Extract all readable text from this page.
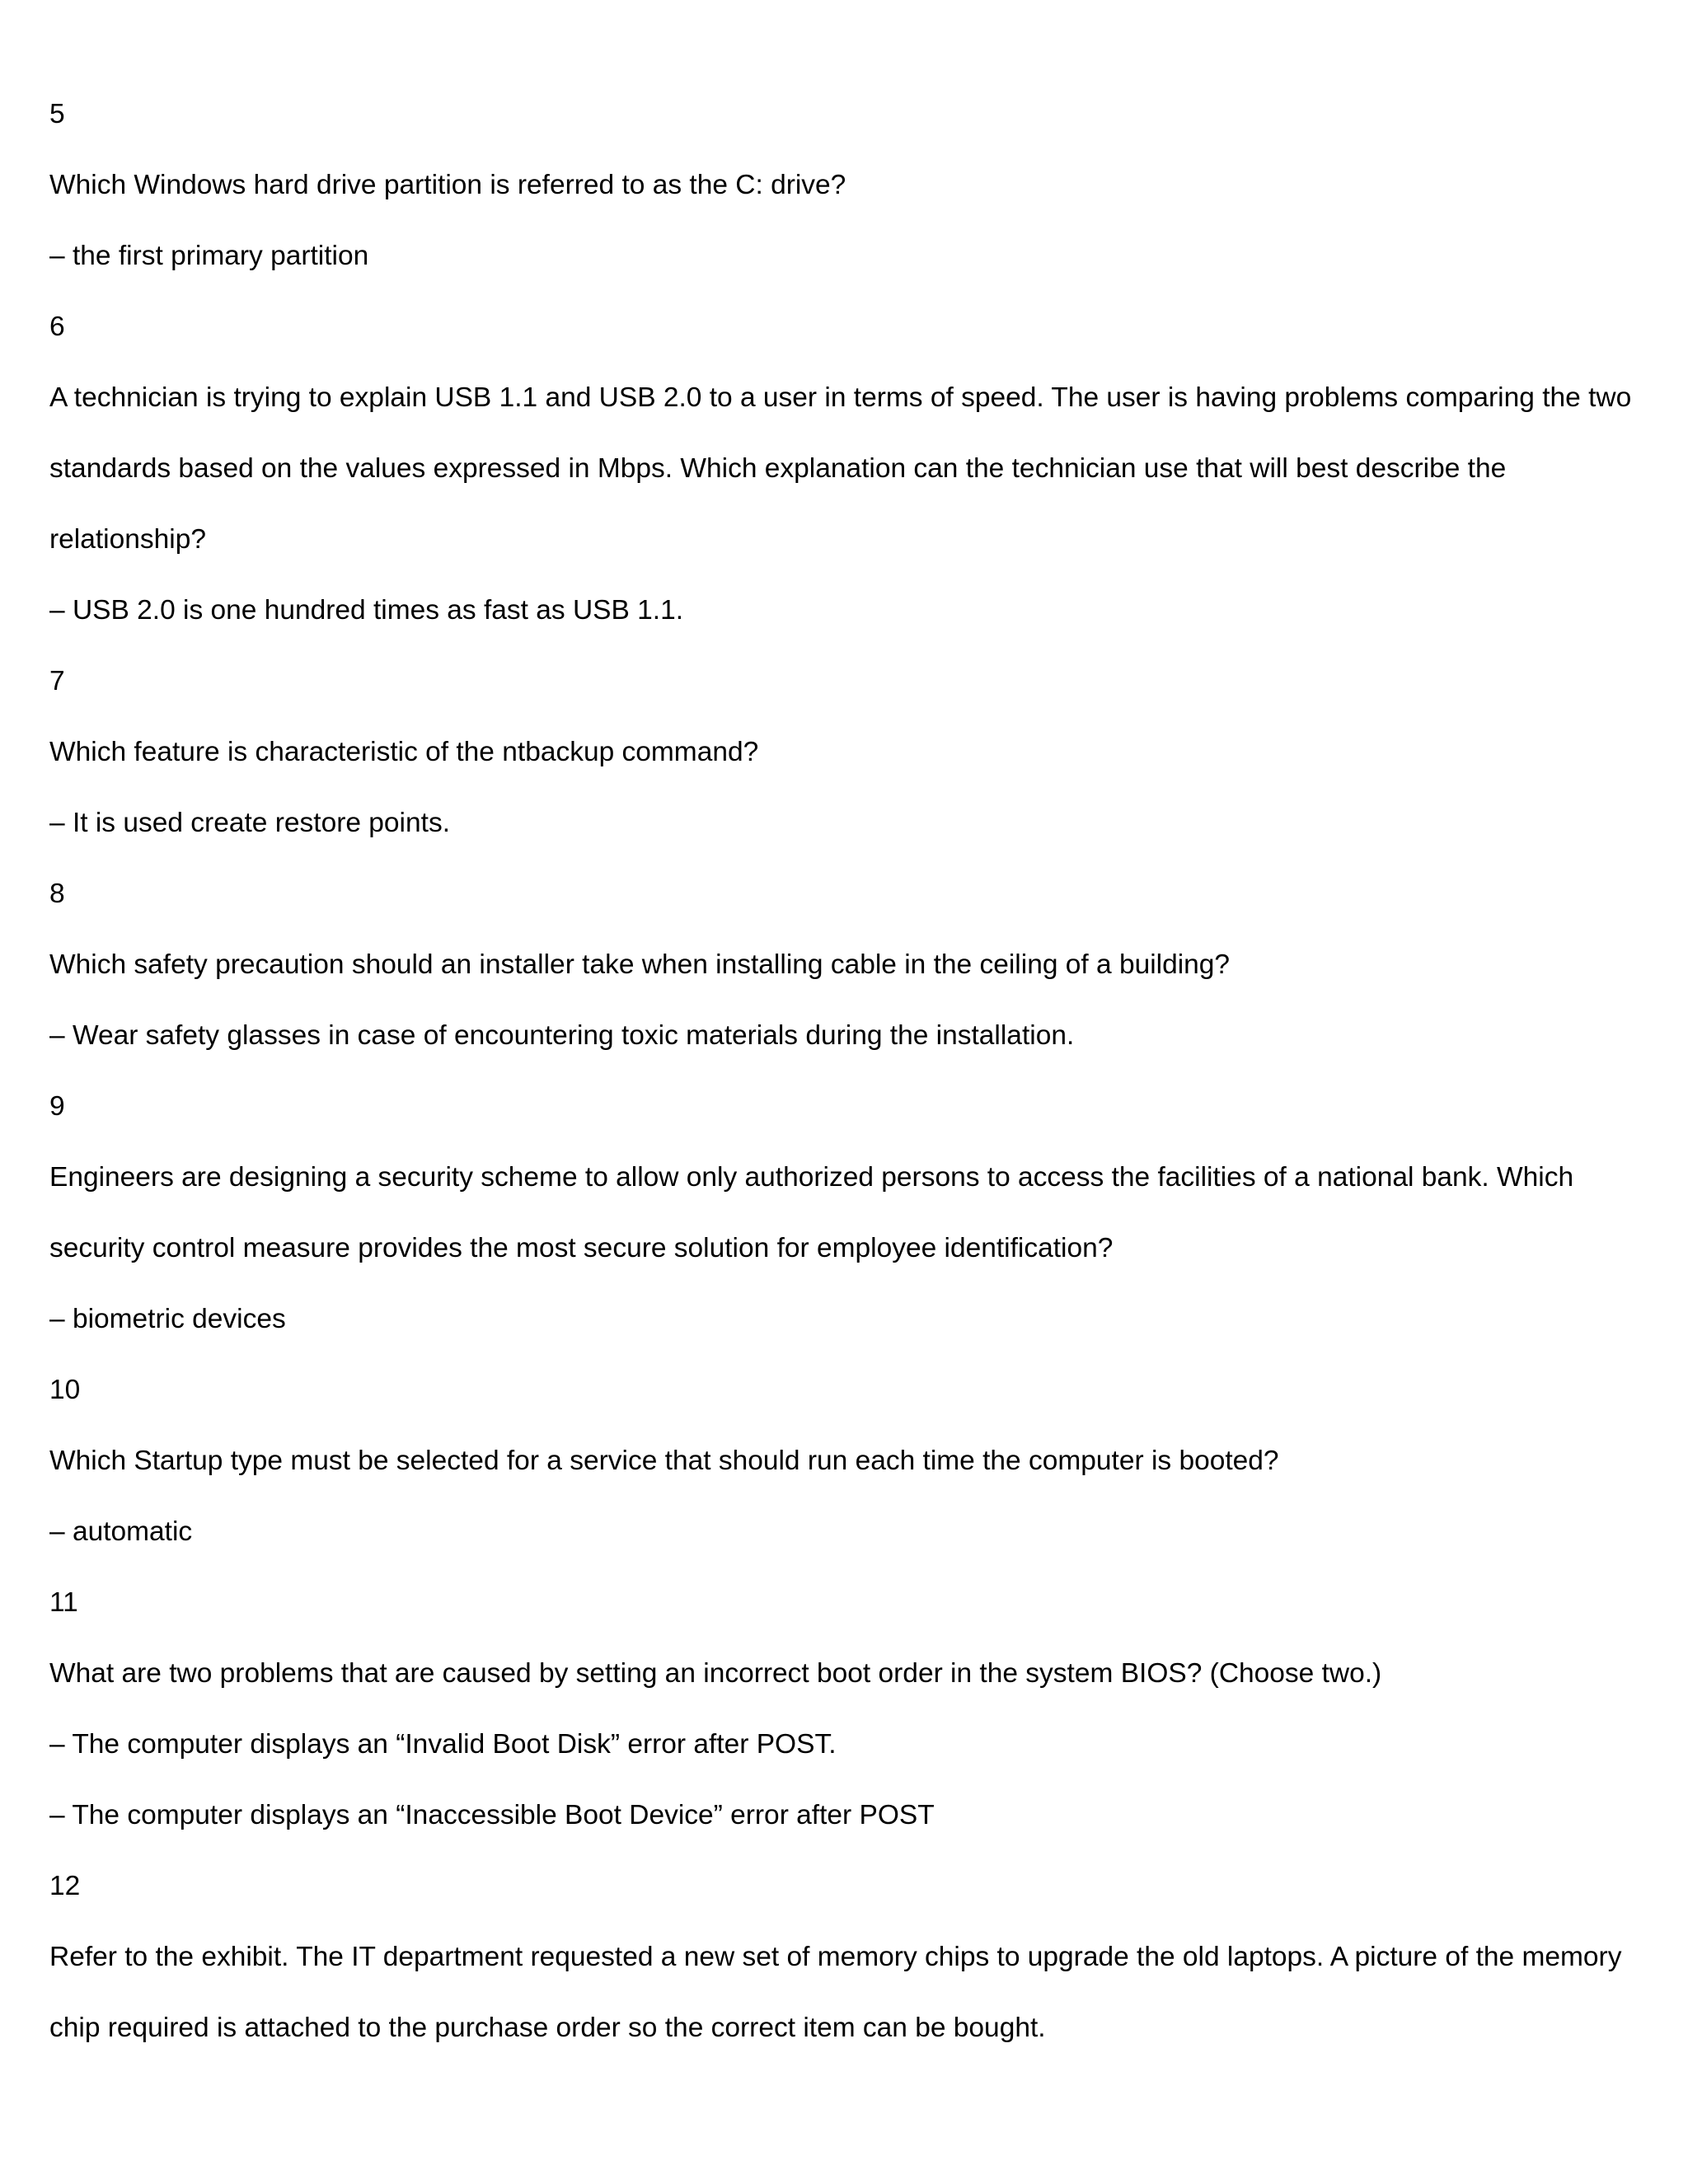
5
Which Windows hard drive partition is referred to as the C: drive?
– the first primary partition
6
A technician is trying to explain USB 1.1 and USB 2.0 to a user in terms of speed. The user is having problems comparing the two
standards based on the values expressed in Mbps. Which explanation can the technician use that will best describe the
relationship?
– USB 2.0 is one hundred times as fast as USB 1.1.
7
Which feature is characteristic of the ntbackup command?
– It is used create restore points.
8
Which safety precaution should an installer take when installing cable in the ceiling of a building?
– Wear safety glasses in case of encountering toxic materials during the installation.
9
Engineers are designing a security scheme to allow only authorized persons to access the facilities of a national bank. Which
security control measure provides the most secure solution for employee identification?
– biometric devices
10
Which Startup type must be selected for a service that should run each time the computer is booted?
– automatic
11
What are two problems that are caused by setting an incorrect boot order in the system BIOS? (Choose two.)
– The computer displays an “Invalid Boot Disk” error after POST.
– The computer displays an “Inaccessible Boot Device” error after POST
12
Refer to the exhibit. The IT department requested a new set of memory chips to upgrade the old laptops. A picture of the memory
chip required is attached to the purchase order so the correct item can be bought.
